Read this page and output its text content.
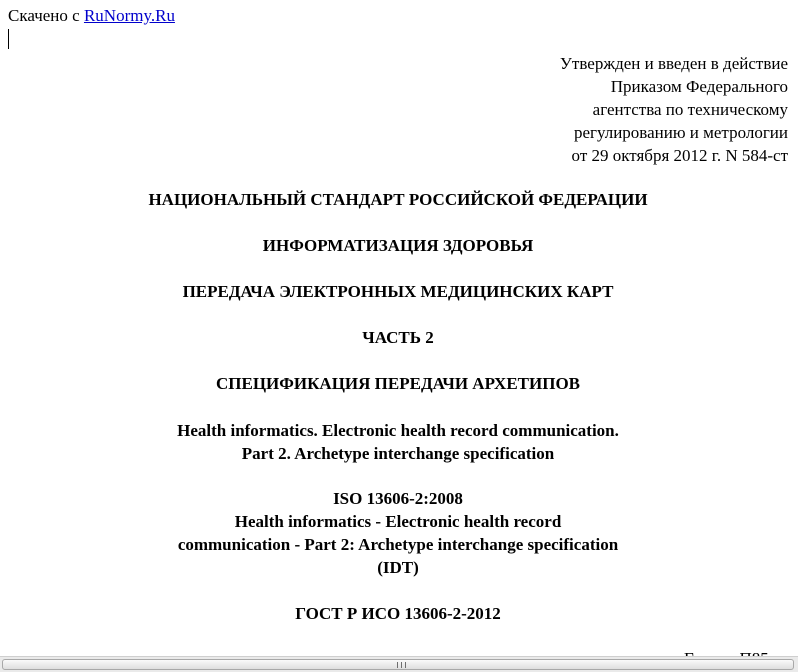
Скачено с RuNormy.Ru
Утвержден и введен в действие
Приказом Федерального
агентства по техническому
регулированию и метрологии
от 29 октября 2012 г. N 584-ст
НАЦИОНАЛЬНЫЙ СТАНДАРТ РОССИЙСКОЙ ФЕДЕРАЦИИ
ИНФОРМАТИЗАЦИЯ ЗДОРОВЬЯ
ПЕРЕДАЧА ЭЛЕКТРОННЫХ МЕДИЦИНСКИХ КАРТ
ЧАСТЬ 2
СПЕЦИФИКАЦИЯ ПЕРЕДАЧИ АРХЕТИПОВ
Health informatics. Electronic health record communication.
Part 2. Archetype interchange specification
ISO 13606-2:2008
Health informatics - Electronic health record
communication - Part 2: Archetype interchange specification
(IDT)
ГОСТ Р ИСО 13606-2-2012
